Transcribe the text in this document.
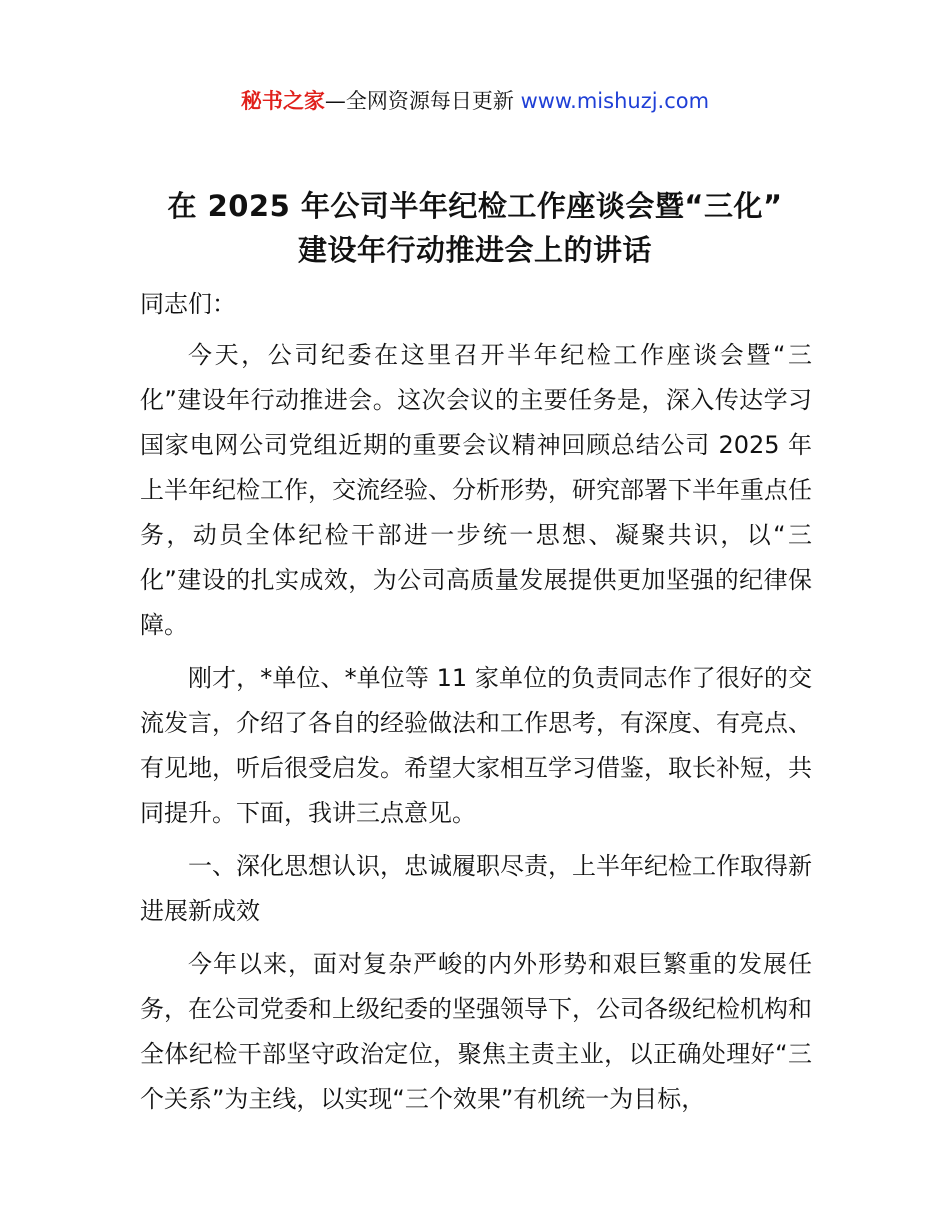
秘书之家—全网资源每日更新 www.mishuzj.com
在 2025 年公司半年纪检工作座谈会暨“三化”
建设年行动推进会上的讲话

同志们：

今天，公司纪委在这里召开半年纪检工作座谈会暨“三化”建设年行动推进会。这次会议的主要任务是，深入传达学习国家电网公司党组近期的重要会议精神回顾总结公司 2025 年上半年纪检工作，交流经验、分析形势，研究部署下半年重点任务，动员全体纪检干部进一步统一思想、凝聚共识，以“三化”建设的扎实成效，为公司高质量发展提供更加坚强的纪律保障。

刚才，*单位、*单位等 11 家单位的负责同志作了很好的交流发言，介绍了各自的经验做法和工作思考，有深度、有亮点、有见地，听后很受启发。希望大家相互学习借鉴，取长补短，共同提升。下面，我讲三点意见。

一、深化思想认识，忠诚履职尽责，上半年纪检工作取得新进展新成效

今年以来，面对复杂严峻的内外形势和艰巨繁重的发展任务，在公司党委和上级纪委的坚强领导下，公司各级纪检机构和全体纪检干部坚守政治定位，聚焦主责主业，以正确处理好“三个关系”为主线，以实现“三个效果”有机统一为目标，
